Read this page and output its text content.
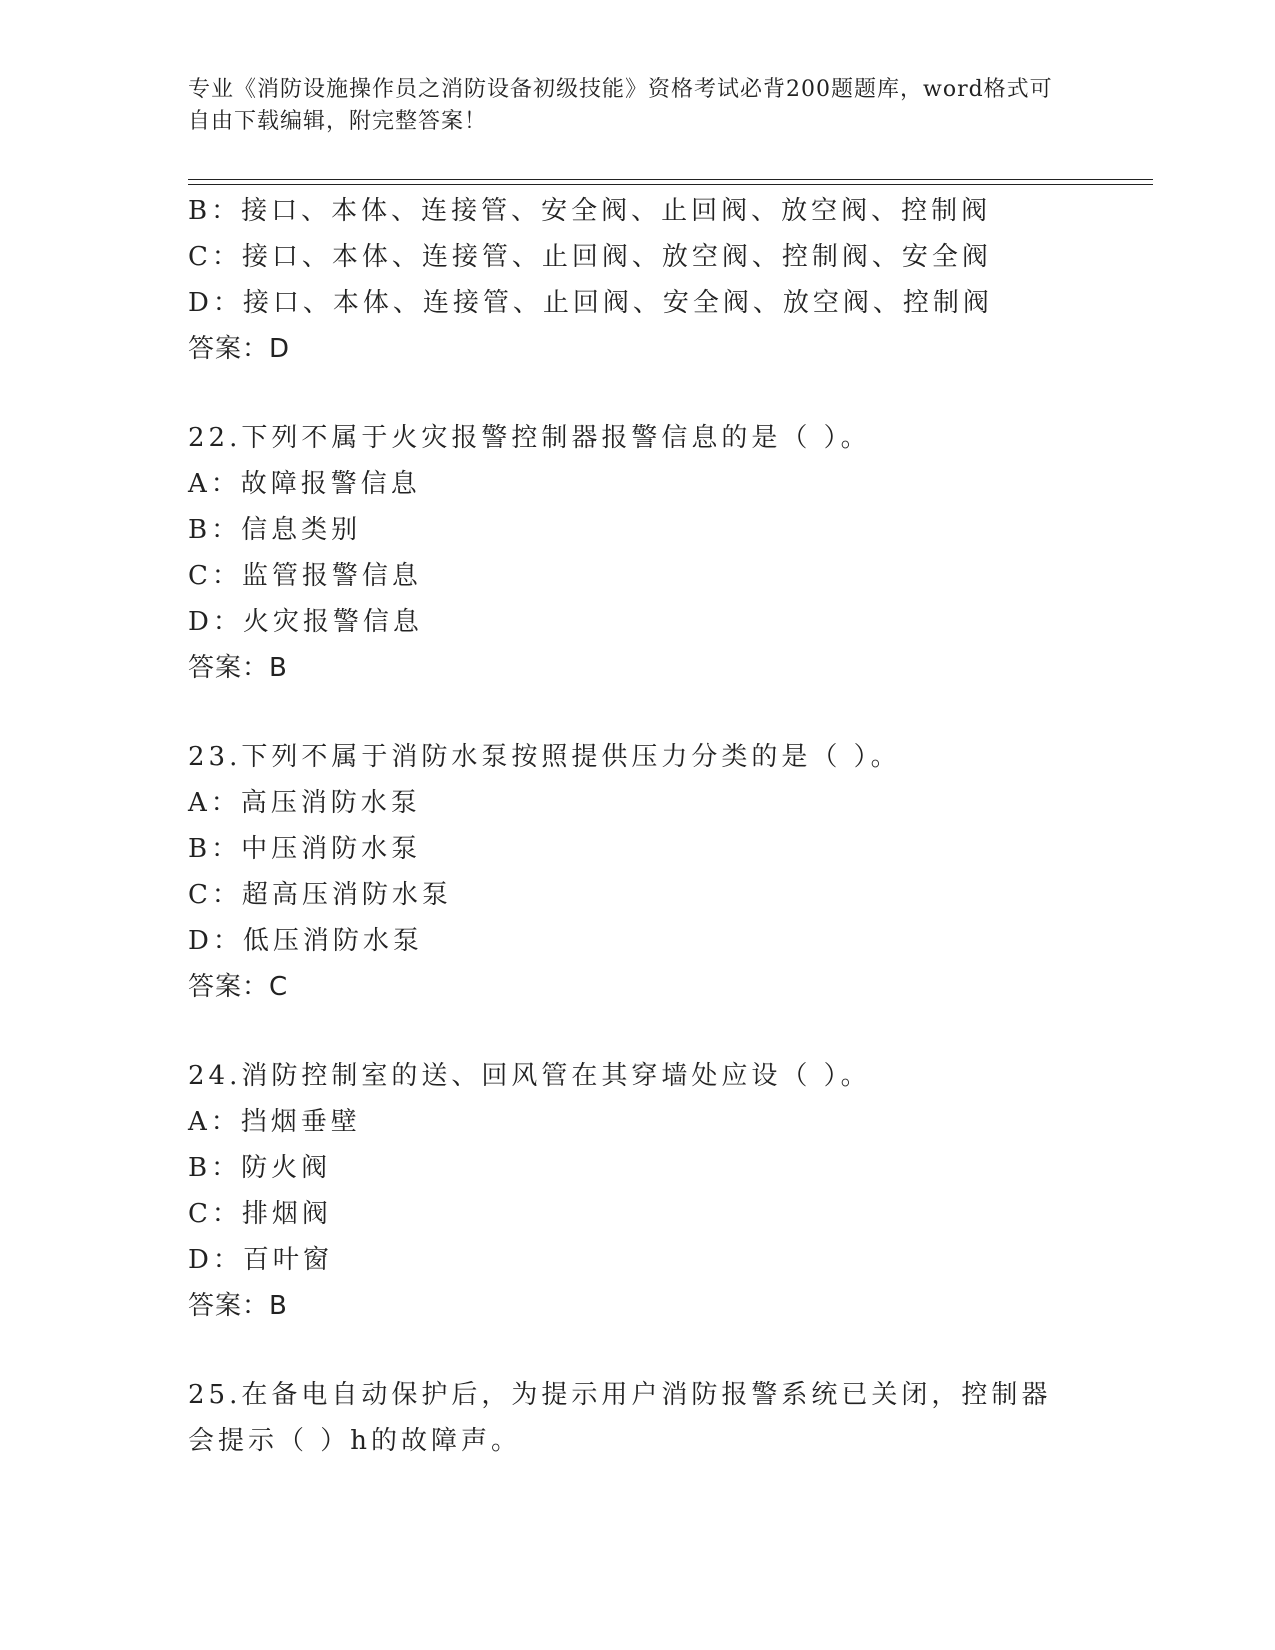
专业《消防设施操作员之消防设备初级技能》资格考试必背200题题库，word格式可自由下载编辑，附完整答案！
B：接口、本体、连接管、安全阀、止回阀、放空阀、控制阀
C：接口、本体、连接管、止回阀、放空阀、控制阀、安全阀
D：接口、本体、连接管、止回阀、安全阀、放空阀、控制阀
答案：D
22.下列不属于火灾报警控制器报警信息的是（ ）。
A：故障报警信息
B：信息类别
C：监管报警信息
D：火灾报警信息
答案：B
23.下列不属于消防水泵按照提供压力分类的是（ ）。
A：高压消防水泵
B：中压消防水泵
C：超高压消防水泵
D：低压消防水泵
答案：C
24.消防控制室的送、回风管在其穿墙处应设（ ）。
A：挡烟垂壁
B：防火阀
C：排烟阀
D：百叶窗
答案：B
25.在备电自动保护后，为提示用户消防报警系统已关闭，控制器会提示（ ）h的故障声。
